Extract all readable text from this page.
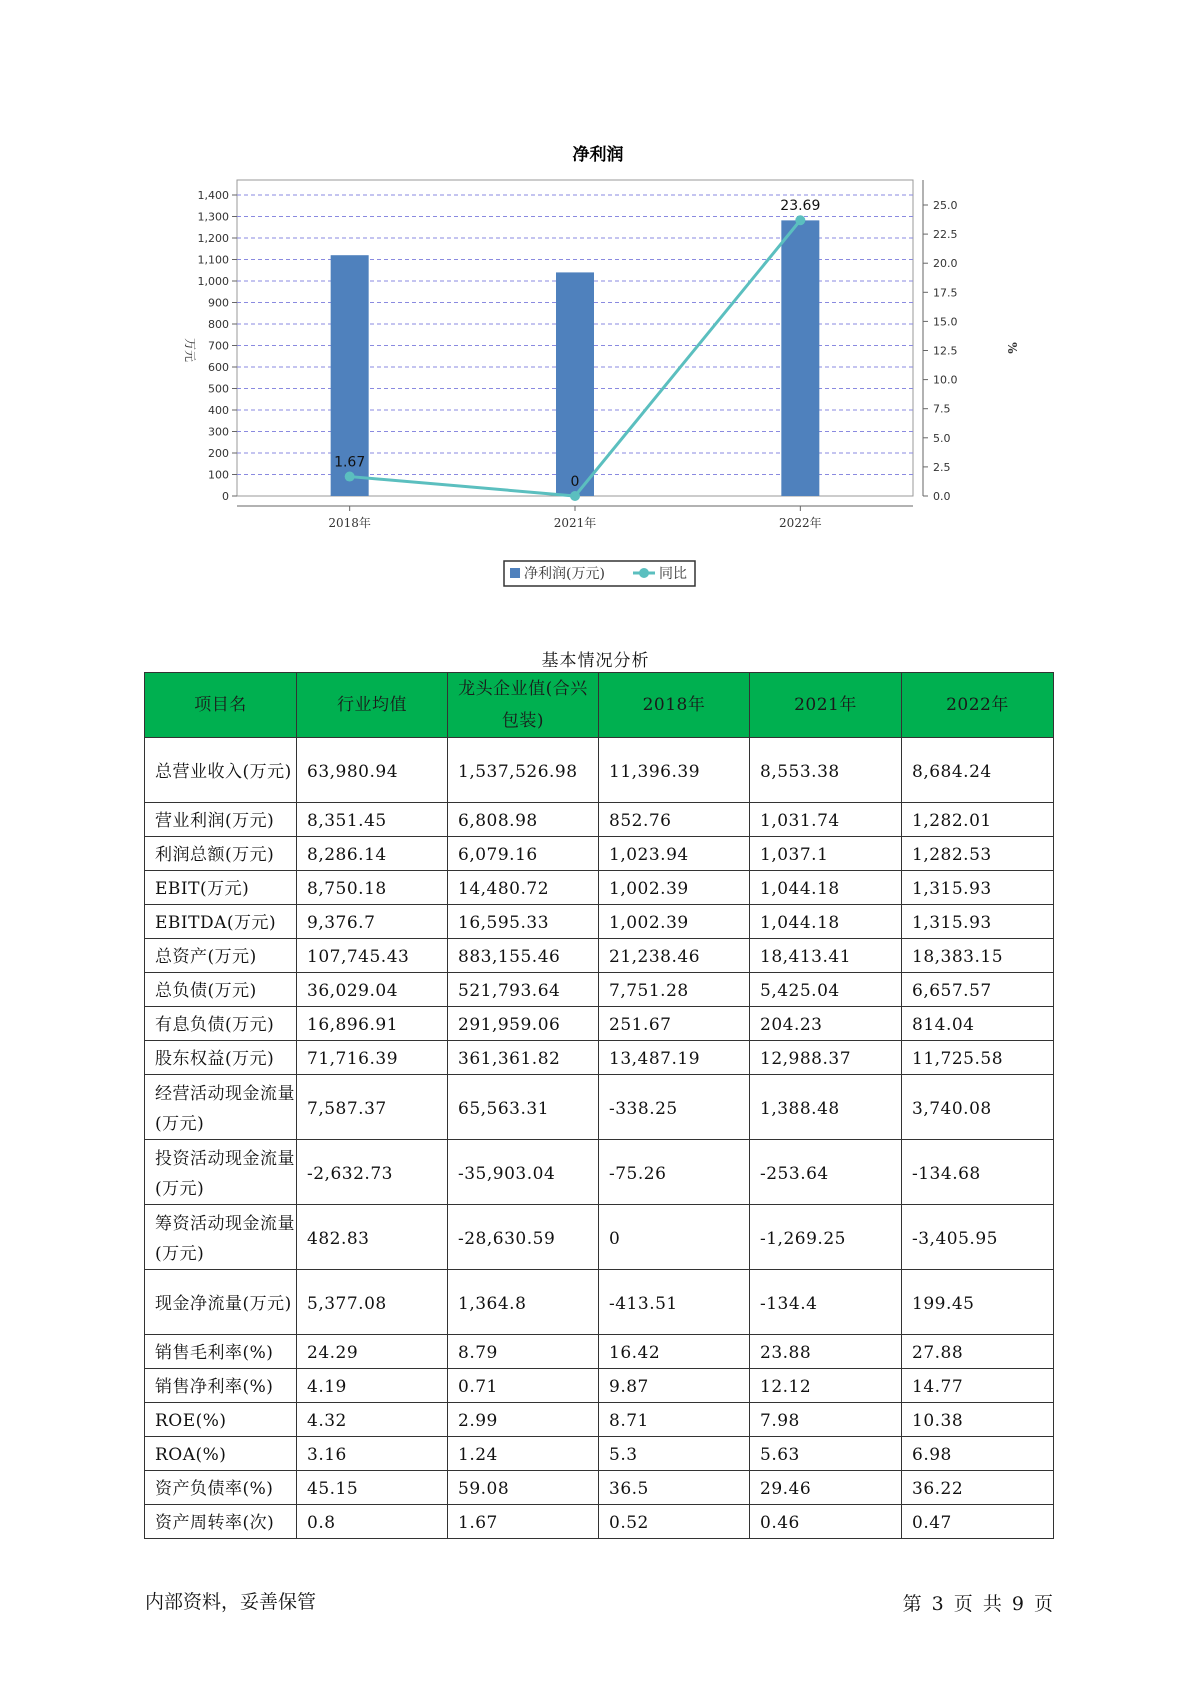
净利润
0
100
200
300
400
500
600
700
800
900
1,000
1,100
1,200
1,300
1,400
0.0
2.5
5.0
7.5
10.0
12.5
15.0
17.5
20.0
22.5
25.0
万元	%
2018年	2021年	2022年
1.67
0
23.69
净利润(万元)	同比
基本情况分析
项目名	行业均值	龙头企业值(合兴包装)	2018年	2021年	2022年
总营业收入(万元)	63,980.94	1,537,526.98	11,396.39	8,553.38	8,684.24
营业利润(万元)	8,351.45	6,808.98	852.76	1,031.74	1,282.01
利润总额(万元)	8,286.14	6,079.16	1,023.94	1,037.1	1,282.53
EBIT(万元)	8,750.18	14,480.72	1,002.39	1,044.18	1,315.93
EBITDA(万元)	9,376.7	16,595.33	1,002.39	1,044.18	1,315.93
总资产(万元)	107,745.43	883,155.46	21,238.46	18,413.41	18,383.15
总负债(万元)	36,029.04	521,793.64	7,751.28	5,425.04	6,657.57
有息负债(万元)	16,896.91	291,959.06	251.67	204.23	814.04
股东权益(万元)	71,716.39	361,361.82	13,487.19	12,988.37	11,725.58
经营活动现金流量(万元)	7,587.37	65,563.31	-338.25	1,388.48	3,740.08
投资活动现金流量(万元)	-2,632.73	-35,903.04	-75.26	-253.64	-134.68
筹资活动现金流量(万元)	482.83	-28,630.59	0	-1,269.25	-3,405.95
现金净流量(万元)	5,377.08	1,364.8	-413.51	-134.4	199.45
销售毛利率(%)	24.29	8.79	16.42	23.88	27.88
销售净利率(%)	4.19	0.71	9.87	12.12	14.77
ROE(%)	4.32	2.99	8.71	7.98	10.38
ROA(%)	3.16	1.24	5.3	5.63	6.98
资产负债率(%)	45.15	59.08	36.5	29.46	36.22
资产周转率(次)	0.8	1.67	0.52	0.46	0.47
内部资料，妥善保管	第 3 页 共 9 页
